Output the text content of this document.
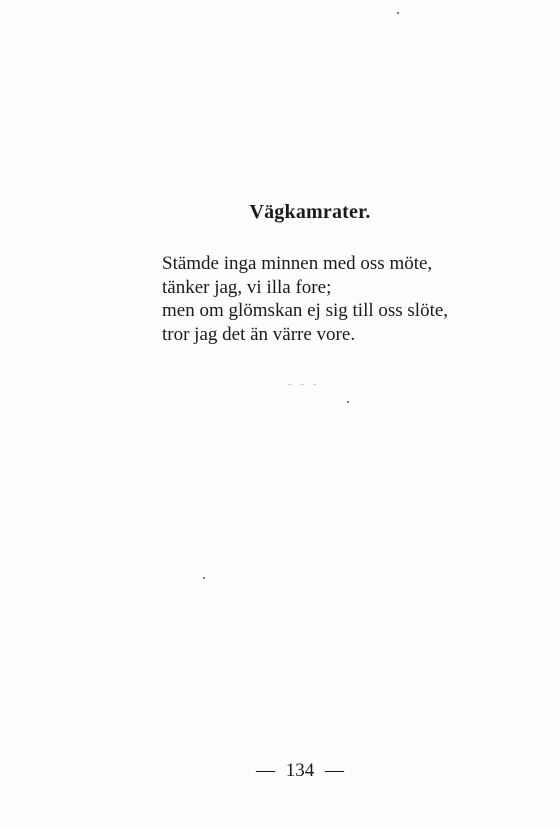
Vägkamrater.
Stämde inga minnen med oss möte,
tänker jag, vi illa fore;
men om glömskan ej sig till oss slöte,
tror jag det än värre vore.
- - -
— 134 —
